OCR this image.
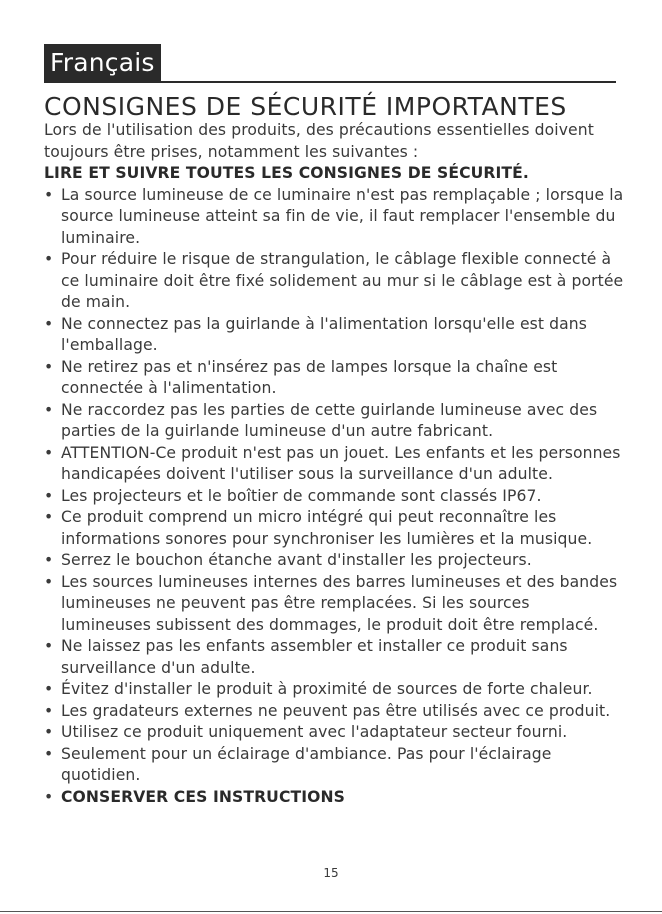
Français
CONSIGNES DE SÉCURITÉ IMPORTANTES

Lors de l'utilisation des produits, des précautions essentielles doivent toujours être prises, notamment les suivantes :

LIRE ET SUIVRE TOUTES LES CONSIGNES DE SÉCURITÉ.

• La source lumineuse de ce luminaire n'est pas remplaçable ; lorsque la source lumineuse atteint sa fin de vie, il faut remplacer l'ensemble du luminaire.
• Pour réduire le risque de strangulation, le câblage flexible connecté à ce luminaire doit être fixé solidement au mur si le câblage est à portée de main.
• Ne connectez pas la guirlande à l'alimentation lorsqu'elle est dans l'emballage.
• Ne retirez pas et n'insérez pas de lampes lorsque la chaîne est connectée à l'alimentation.
• Ne raccordez pas les parties de cette guirlande lumineuse avec des parties de la guirlande lumineuse d'un autre fabricant.
• ATTENTION-Ce produit n'est pas un jouet. Les enfants et les personnes handicapées doivent l'utiliser sous la surveillance d'un adulte.
• Les projecteurs et le boîtier de commande sont classés IP67.
• Ce produit comprend un micro intégré qui peut reconnaître les informations sonores pour synchroniser les lumières et la musique.
• Serrez le bouchon étanche avant d'installer les projecteurs.
• Les sources lumineuses internes des barres lumineuses et des bandes lumineuses ne peuvent pas être remplacées. Si les sources lumineuses subissent des dommages, le produit doit être remplacé.
• Ne laissez pas les enfants assembler et installer ce produit sans surveillance d'un adulte.
• Évitez d'installer le produit à proximité de sources de forte chaleur.
• Les gradateurs externes ne peuvent pas être utilisés avec ce produit.
• Utilisez ce produit uniquement avec l'adaptateur secteur fourni.
• Seulement pour un éclairage d'ambiance. Pas pour l'éclairage quotidien.
• CONSERVER CES INSTRUCTIONS
15
